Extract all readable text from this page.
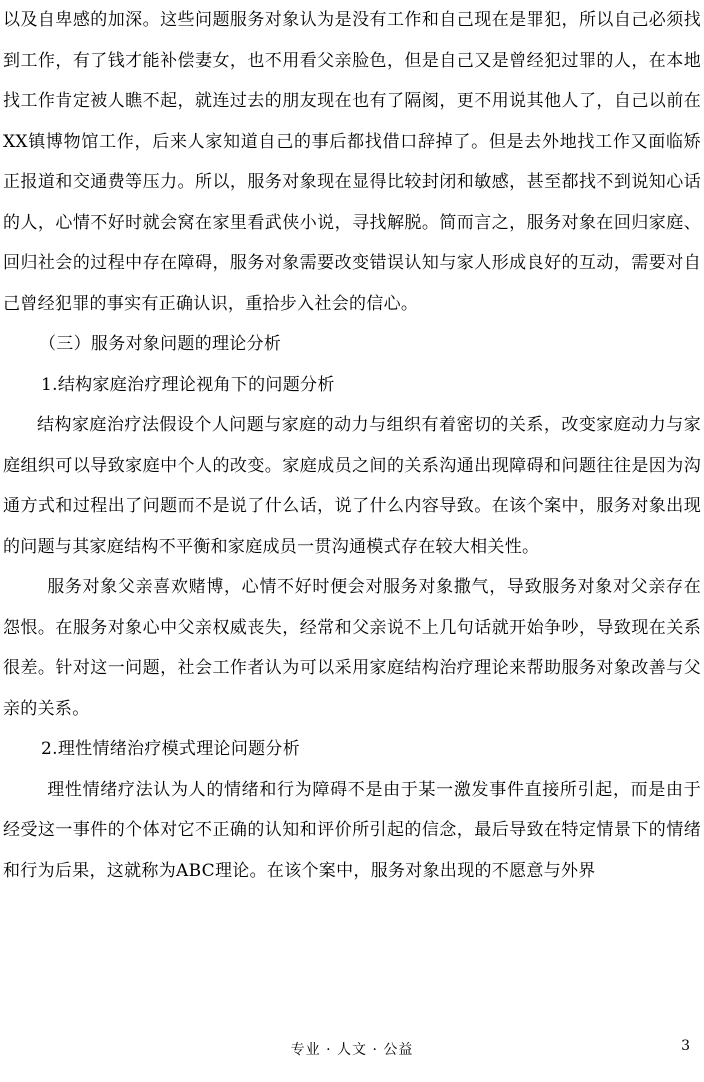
以及自卑感的加深。这些问题服务对象认为是没有工作和自己现在是罪犯，所以自己必须找到工作，有了钱才能补偿妻女，也不用看父亲脸色，但是自己又是曾经犯过罪的人，在本地找工作肯定被人瞧不起，就连过去的朋友现在也有了隔阂，更不用说其他人了，自己以前在XX镇博物馆工作，后来人家知道自己的事后都找借口辞掉了。但是去外地找工作又面临矫正报道和交通费等压力。所以，服务对象现在显得比较封闭和敏感，甚至都找不到说知心话的人，心情不好时就会窝在家里看武侠小说，寻找解脱。简而言之，服务对象在回归家庭、回归社会的过程中存在障碍，服务对象需要改变错误认知与家人形成良好的互动，需要对自己曾经犯罪的事实有正确认识，重拾步入社会的信心。

（三）服务对象问题的理论分析

1.结构家庭治疗理论视角下的问题分析

结构家庭治疗法假设个人问题与家庭的动力与组织有着密切的关系，改变家庭动力与家庭组织可以导致家庭中个人的改变。家庭成员之间的关系沟通出现障碍和问题往往是因为沟通方式和过程出了问题而不是说了什么话，说了什么内容导致。在该个案中，服务对象出现的问题与其家庭结构不平衡和家庭成员一贯沟通模式存在较大相关性。

服务对象父亲喜欢赌博，心情不好时便会对服务对象撒气，导致服务对象对父亲存在怨恨。在服务对象心中父亲权威丧失，经常和父亲说不上几句话就开始争吵，导致现在关系很差。针对这一问题，社会工作者认为可以采用家庭结构治疗理论来帮助服务对象改善与父亲的关系。

2.理性情绪治疗模式理论问题分析

理性情绪疗法认为人的情绪和行为障碍不是由于某一激发事件直接所引起，而是由于经受这一事件的个体对它不正确的认知和评价所引起的信念，最后导致在特定情景下的情绪和行为后果，这就称为ABC理论。在该个案中，服务对象出现的不愿意与外界

专业 · 人文 · 公益	3
